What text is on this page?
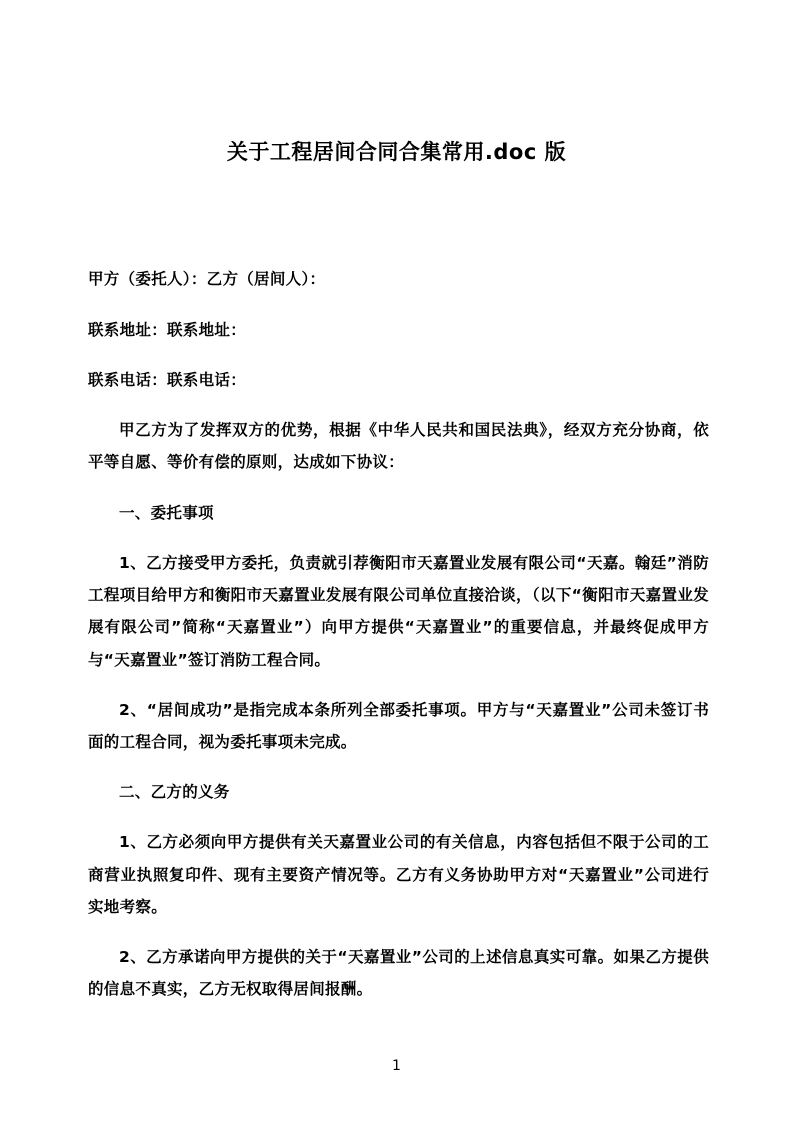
关于工程居间合同合集常用.doc 版

甲方（委托人）：乙方（居间人）：

联系地址：联系地址：

联系电话：联系电话：

甲乙方为了发挥双方的优势，根据《中华人民共和国民法典》，经双方充分协商，依平等自愿、等价有偿的原则，达成如下协议：

一、委托事项

1、乙方接受甲方委托，负责就引荐衡阳市天嘉置业发展有限公司“天嘉。翰廷”消防工程项目给甲方和衡阳市天嘉置业发展有限公司单位直接洽谈，（以下“衡阳市天嘉置业发展有限公司”简称“天嘉置业”）向甲方提供“天嘉置业”的重要信息，并最终促成甲方与“天嘉置业”签订消防工程合同。

2、“居间成功”是指完成本条所列全部委托事项。甲方与“天嘉置业”公司未签订书面的工程合同，视为委托事项未完成。

二、乙方的义务

1、乙方必须向甲方提供有关天嘉置业公司的有关信息，内容包括但不限于公司的工商营业执照复印件、现有主要资产情况等。乙方有义务协助甲方对“天嘉置业”公司进行实地考察。

2、乙方承诺向甲方提供的关于“天嘉置业”公司的上述信息真实可靠。如果乙方提供的信息不真实，乙方无权取得居间报酬。

1
